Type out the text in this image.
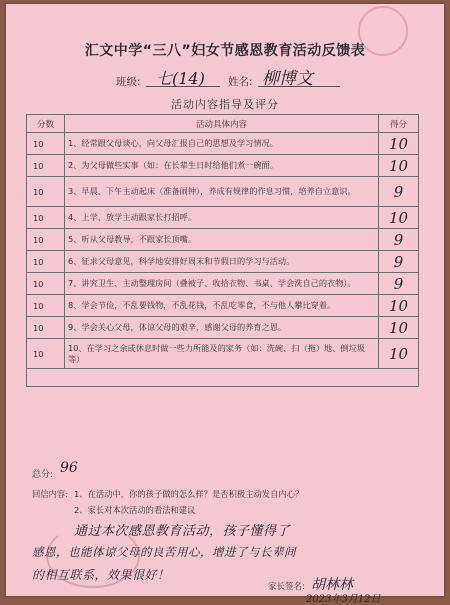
汇文中学“三八”妇女节感恩教育活动反馈表
班级: 七(14) 姓名: 柳博文
活动内容指导及评分
分数	活动具体内容	得分
10	1、经常跟父母谈心，向父母汇报自己的思想及学习情况。	10
10	2、为父母做些实事（如：在长辈生日时给他们煮一碗面。	10
10	3、早晨、下午主动起床（准备闹钟），养成有规律的作息习惯，培养自立意识。	9
10	4、上学、放学主动跟家长打招呼。	10
10	5、听从父母教导，不跟家长顶嘴。	9
10	6、征求父母意见，科学地安排好周末和节假日的学习与活动。	9
10	7、讲究卫生、主动整理房间（叠被子、收拾衣物、书桌、学会洗自己的衣物）。	9
10	8、学会节俭，不乱要钱物，不乱花钱，不乱吃零食，不与他人攀比穿着。	10
10	9、学会关心父母，体谅父母的艰辛，感谢父母的养育之恩。	10
10	10、在学习之余或休息时做一些力所能及的家务（如：洗碗、扫（拖）地、倒垃圾等）	10

总分: 96
回信内容: 1、在活动中，你的孩子做的怎么样？是否积极主动发自内心？
2、家长对本次活动的看法和建议
通过本次感恩教育活动，孩子懂得了
感恩，也能体谅父母的良苦用心，增进了与长辈间
的相互联系，效果很好！
家长签名: 胡林林
2023年3月12日
